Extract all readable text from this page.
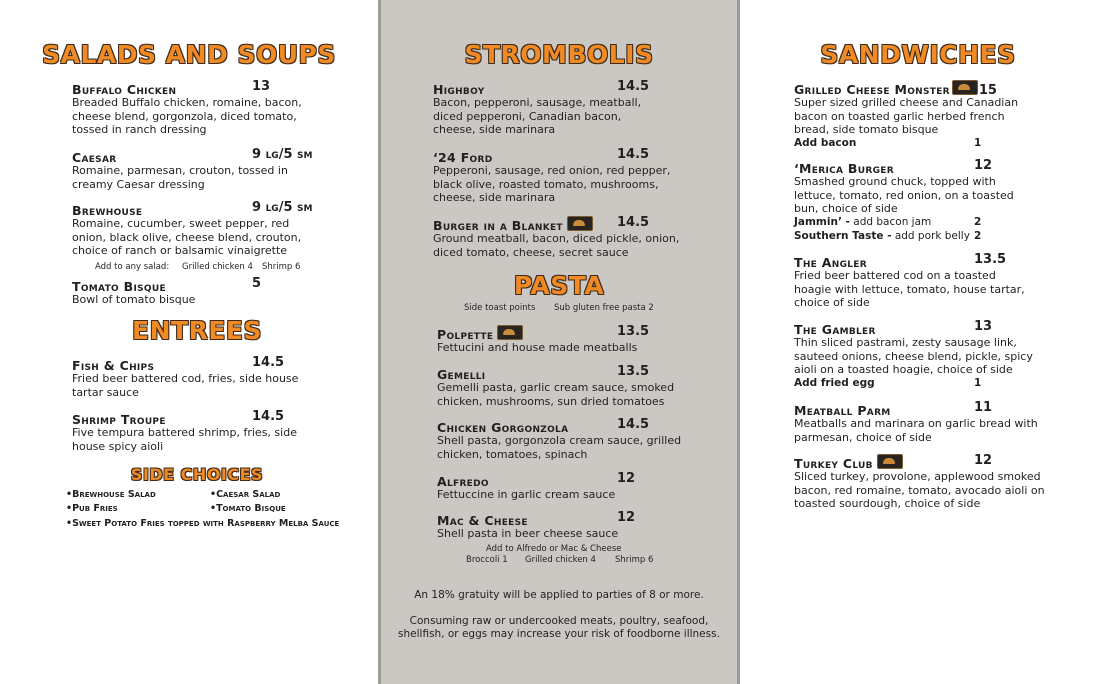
SALADS AND SOUPS
Buffalo Chicken	13
Breaded Buffalo chicken, romaine, bacon, cheese blend, gorgonzola, diced tomato, tossed in ranch dressing
Caesar	9 lg/5 sm
Romaine, parmesan, crouton, tossed in creamy Caesar dressing
Brewhouse	9 lg/5 sm
Romaine, cucumber, sweet pepper, red onion, black olive, cheese blend, crouton, choice of ranch or balsamic vinaigrette
Add to any salad: Grilled chicken 4 Shrimp 6
Tomato Bisque	5
Bowl of tomato bisque
ENTREES
Fish & Chips	14.5
Fried beer battered cod, fries, side house tartar sauce
Shrimp Troupe	14.5
Five tempura battered shrimp, fries, side house spicy aioli
SIDE CHOICES
•Brewhouse Salad	•Caesar Salad
•Pub Fries	•Tomato Bisque
•Sweet Potato Fries topped with Raspberry Melba Sauce
STROMBOLIS
Highboy	14.5
Bacon, pepperoni, sausage, meatball, diced pepperoni, Canadian bacon, cheese, side marinara
‘24 Ford	14.5
Pepperoni, sausage, red onion, red pepper, black olive, roasted tomato, mushrooms, cheese, side marinara
Burger in a Blanket	14.5
Ground meatball, bacon, diced pickle, onion, diced tomato, cheese, secret sauce
PASTA
Side toast points Sub gluten free pasta 2
Polpette	13.5
Fettucini and house made meatballs
Gemelli	13.5
Gemelli pasta, garlic cream sauce, smoked chicken, mushrooms, sun dried tomatoes
Chicken Gorgonzola	14.5
Shell pasta, gorgonzola cream sauce, grilled chicken, tomatoes, spinach
Alfredo	12
Fettuccine in garlic cream sauce
Mac & Cheese	12
Shell pasta in beer cheese sauce
Add to Alfredo or Mac & Cheese
Broccoli 1 Grilled chicken 4 Shrimp 6
An 18% gratuity will be applied to parties of 8 or more.
Consuming raw or undercooked meats, poultry, seafood,
shellfish, or eggs may increase your risk of foodborne illness.
SANDWICHES
Grilled Cheese Monster 15
Super sized grilled cheese and Canadian bacon on toasted garlic herbed french bread, side tomato bisque
Add bacon	1
‘Merica Burger	12
Smashed ground chuck, topped with lettuce, tomato, red onion, on a toasted bun, choice of side
Jammin’ - add bacon jam	2
Southern Taste - add pork belly 2
The Angler	13.5
Fried beer battered cod on a toasted hoagie with lettuce, tomato, house tartar, choice of side
The Gambler	13
Thin sliced pastrami, zesty sausage link, sauteed onions, cheese blend, pickle, spicy aioli on a toasted hoagie, choice of side
Add fried egg	1
Meatball Parm	11
Meatballs and marinara on garlic bread with parmesan, choice of side
Turkey Club	12
Sliced turkey, provolone, applewood smoked bacon, red romaine, tomato, avocado aioli on toasted sourdough, choice of side
